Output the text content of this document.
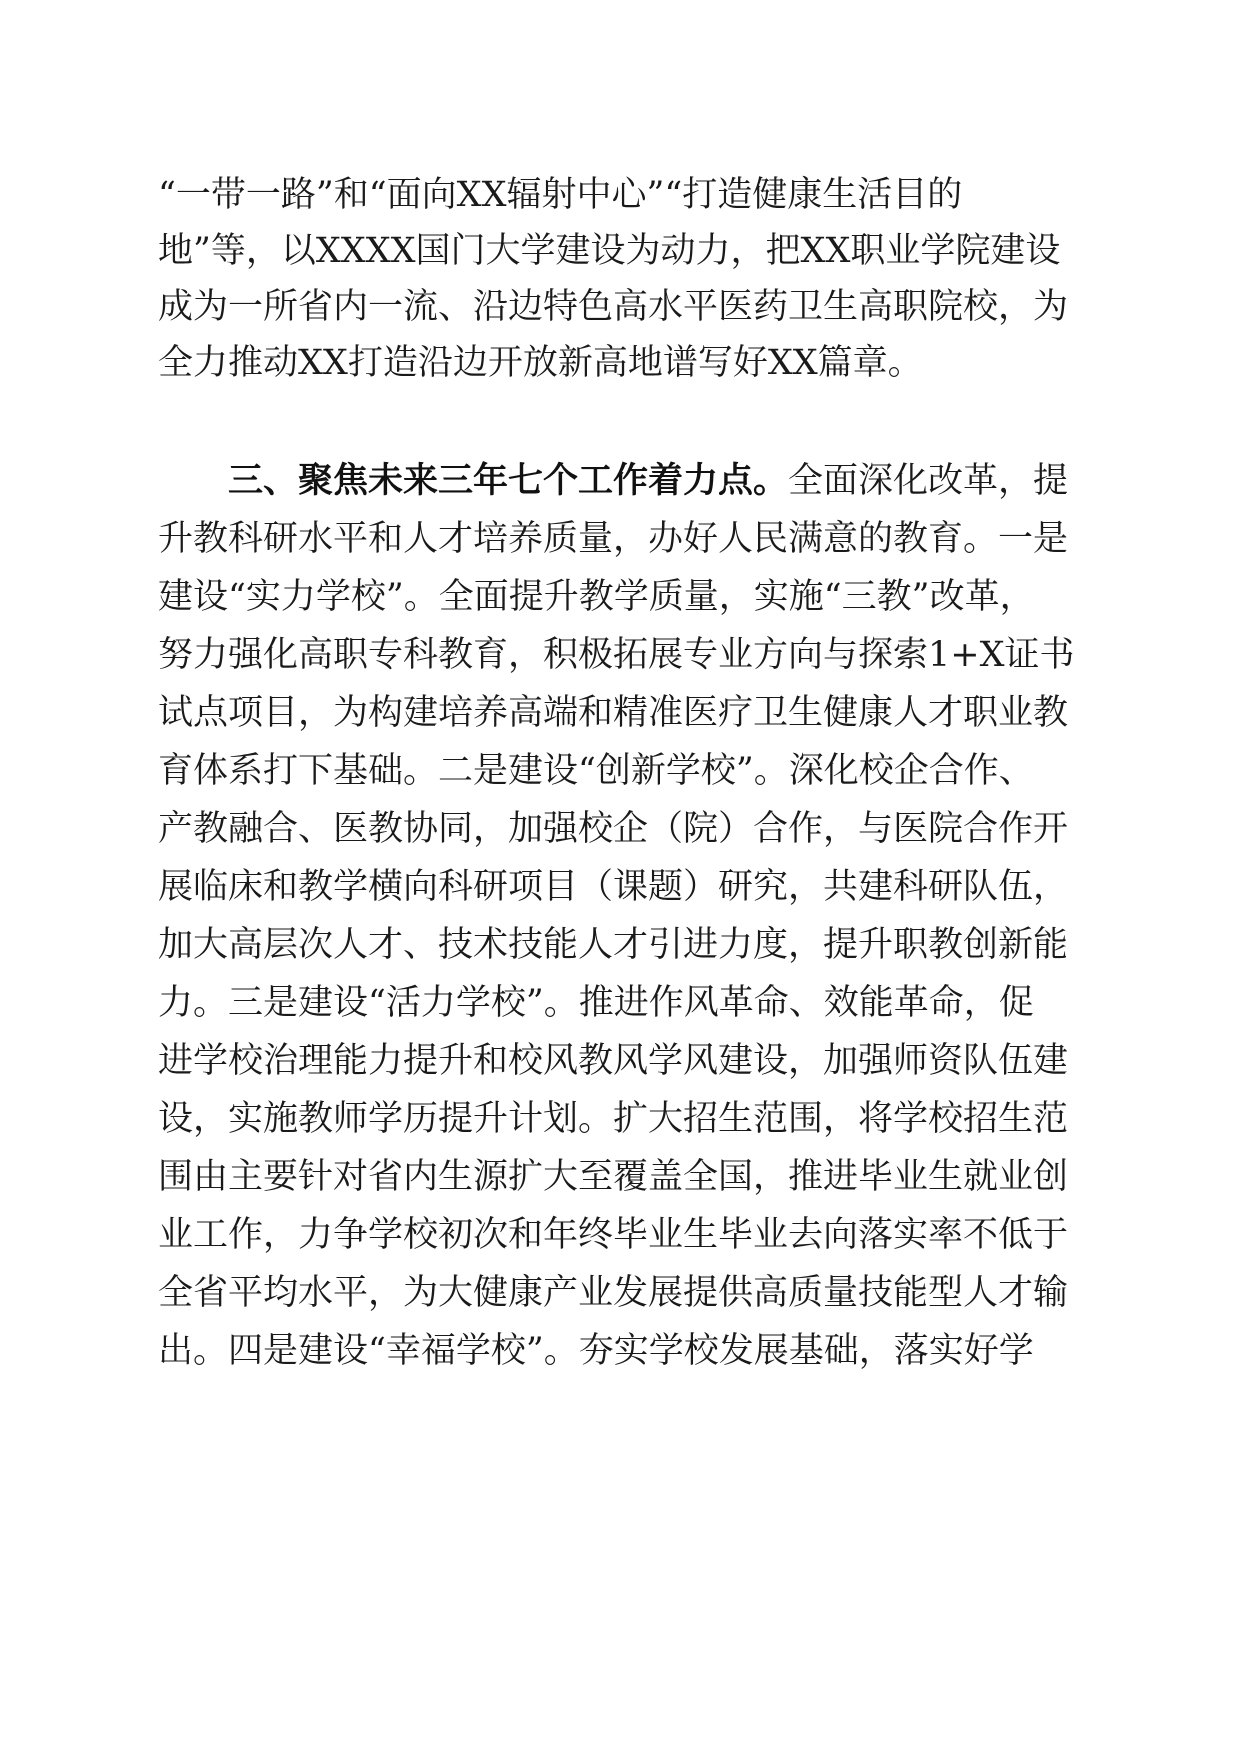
“一带一路”和“面向XX辐射中心”“打造健康生活目的
地”等，以XXXX国门大学建设为动力，把XX职业学院建设
成为一所省内一流、沿边特色高水平医药卫生高职院校，为
全力推动XX打造沿边开放新高地谱写好XX篇章。
三、聚焦未来三年七个工作着力点。全面深化改革，提
升教科研水平和人才培养质量，办好人民满意的教育。一是
建设“实力学校”。全面提升教学质量，实施“三教”改革，
努力强化高职专科教育，积极拓展专业方向与探索1+X证书
试点项目，为构建培养高端和精准医疗卫生健康人才职业教
育体系打下基础。二是建设“创新学校”。深化校企合作、
产教融合、医教协同，加强校企（院）合作，与医院合作开
展临床和教学横向科研项目（课题）研究，共建科研队伍，
加大高层次人才、技术技能人才引进力度，提升职教创新能
力。三是建设“活力学校”。推进作风革命、效能革命，促
进学校治理能力提升和校风教风学风建设，加强师资队伍建
设，实施教师学历提升计划。扩大招生范围，将学校招生范
围由主要针对省内生源扩大至覆盖全国，推进毕业生就业创
业工作，力争学校初次和年终毕业生毕业去向落实率不低于
全省平均水平，为大健康产业发展提供高质量技能型人才输
出。四是建设“幸福学校”。夯实学校发展基础，落实好学
